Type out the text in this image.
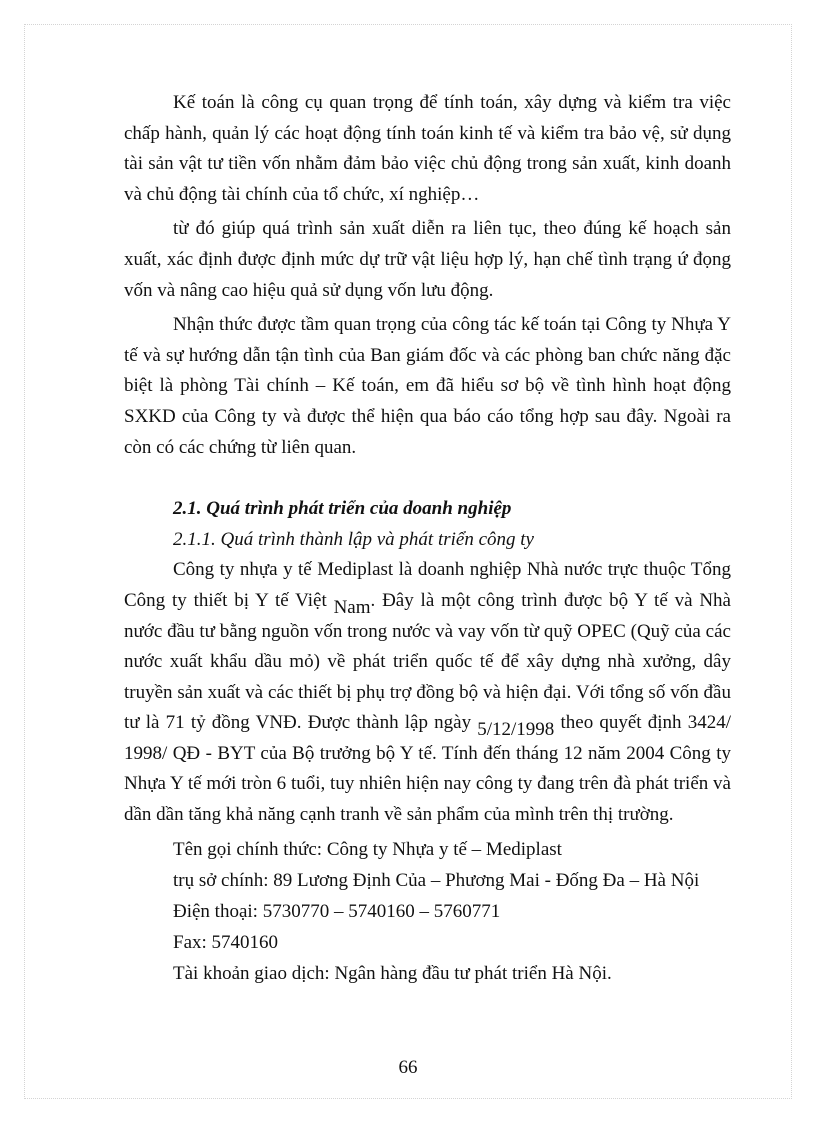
Kế toán là công cụ quan trọng để tính toán, xây dựng và kiểm tra việc chấp hành, quản lý các hoạt động tính toán kinh tế và kiểm tra bảo vệ, sử dụng tài sản vật tư tiền vốn nhằm đảm bảo việc chủ động trong sản xuất, kinh doanh và chủ động tài chính của tổ chức, xí nghiệp…

từ đó giúp quá trình sản xuất diễn ra liên tục, theo đúng kế hoạch sản xuất, xác định được định mức dự trữ vật liệu hợp lý, hạn chế tình trạng ứ đọng vốn và nâng cao hiệu quả sử dụng vốn lưu động.

Nhận thức được tầm quan trọng của công tác kế toán tại Công ty Nhựa Y tế và sự hướng dẫn tận tình của Ban giám đốc và các phòng ban chức năng đặc biệt là phòng Tài chính – Kế toán, em đã hiểu sơ bộ về tình hình hoạt động SXKD của Công ty và được thể hiện qua báo cáo tổng hợp sau đây. Ngoài ra còn có các chứng từ liên quan.

2.1. Quá trình phát triển của doanh nghiệp
2.1.1. Quá trình thành lập và phát triển công ty

Công ty nhựa y tế Mediplast là doanh nghiệp Nhà nước trực thuộc Tổng Công ty thiết bị Y tế Việt Nam. Đây là một công trình được bộ Y tế và Nhà nước đầu tư bằng nguồn vốn trong nước và vay vốn từ quỹ OPEC (Quỹ của các nước xuất khẩu dầu mỏ) về phát triển quốc tế để xây dựng nhà xưởng, dây truyền sản xuất và các thiết bị phụ trợ đồng bộ và hiện đại. Với tổng số vốn đầu tư là 71 tỷ đồng VNĐ. Được thành lập ngày 5/12/1998 theo quyết định 3424/ 1998/ QĐ - BYT của Bộ trưởng bộ Y tế. Tính đến tháng 12 năm 2004 Công ty Nhựa Y tế mới tròn 6 tuổi, tuy nhiên hiện nay công ty đang trên đà phát triển và dần dần tăng khả năng cạnh tranh về sản phẩm của mình trên thị trường.

Tên gọi chính thức: Công ty Nhựa y tế – Mediplast
trụ sở chính: 89 Lương Định Của – Phương Mai - Đống Đa – Hà Nội
Điện thoại: 5730770 – 5740160 – 5760771
Fax: 5740160
Tài khoản giao dịch: Ngân hàng đầu tư phát triển Hà Nội.
66
